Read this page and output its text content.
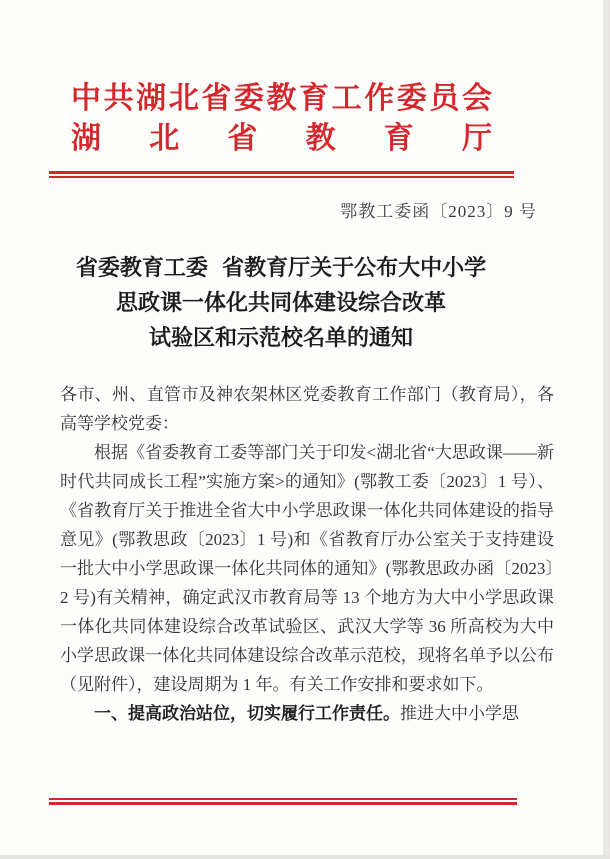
中 共 湖 北 省 委 教 育 工 作 委 员 会
湖 北 省 教 育 厅
鄂教工委函〔2023〕9 号
省委教育工委 省教育厅关于公布大中小学
思政课一体化共同体建设综合改革
试验区和示范校名单的通知

各市、州、直管市及神农架林区党委教育工作部门（教育局），各高等学校党委：

根据《省委教育工委等部门关于印发<湖北省“大思政课——新时代共同成长工程”实施方案>的通知》(鄂教工委〔2023〕1 号）、《省教育厅关于推进全省大中小学思政课一体化共同体建设的指导意见》(鄂教思政〔2023〕1 号)和《省教育厅办公室关于支持建设一批大中小学思政课一体化共同体的通知》(鄂教思政办函〔2023〕2 号)有关精神，确定武汉市教育局等 13 个地方为大中小学思政课一体化共同体建设综合改革试验区、武汉大学等 36 所高校为大中小学思政课一体化共同体建设综合改革示范校，现将名单予以公布（见附件），建设周期为 1 年。有关工作安排和要求如下。

一、提高政治站位，切实履行工作责任。推进大中小学思
